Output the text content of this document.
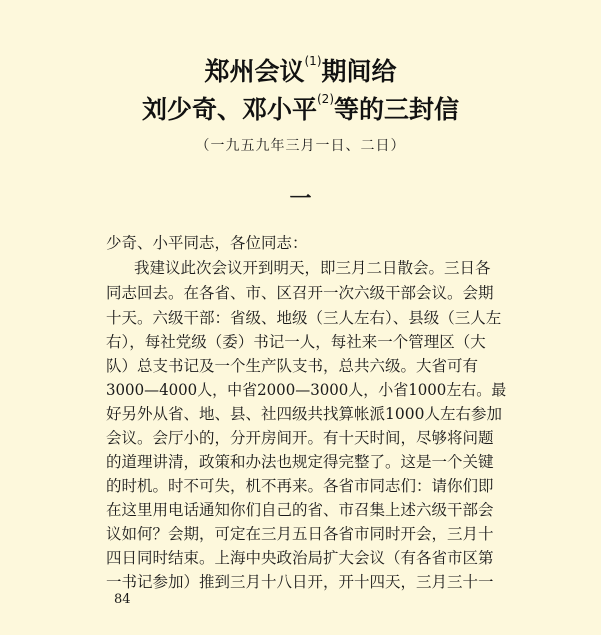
郑州会议$^{(1)}$期间给
刘少奇、邓小平$^{(2)}$等的三封信
（一九五九年三月一日、二日）
一
少奇、小平同志，各位同志：
我建议此次会议开到明天，即三月二日散会。三日各
同志回去。在各省、市、区召开一次六级干部会议。会期
十天。六级干部：省级、地级（三人左右）、县级（三人左
右），每社党级（委）书记一人，每社来一个管理区（大
队）总支书记及一个生产队支书，总共六级。大省可有
3000—4000人，中省2000—3000人，小省1000左右。最
好另外从省、地、县、社四级共找算帐派1000人左右参加
会议。会厅小的，分开房间开。有十天时间，尽够将问题
的道理讲清，政策和办法也规定得完整了。这是一个关键
的时机。时不可失，机不再来。各省市同志们：请你们即
在这里用电话通知你们自己的省、市召集上述六级干部会
议如何？会期，可定在三月五日各省市同时开会，三月十
四日同时结束。上海中央政治局扩大会议（有各省市区第
一书记参加）推到三月十八日开，开十四天，三月三十一
84
